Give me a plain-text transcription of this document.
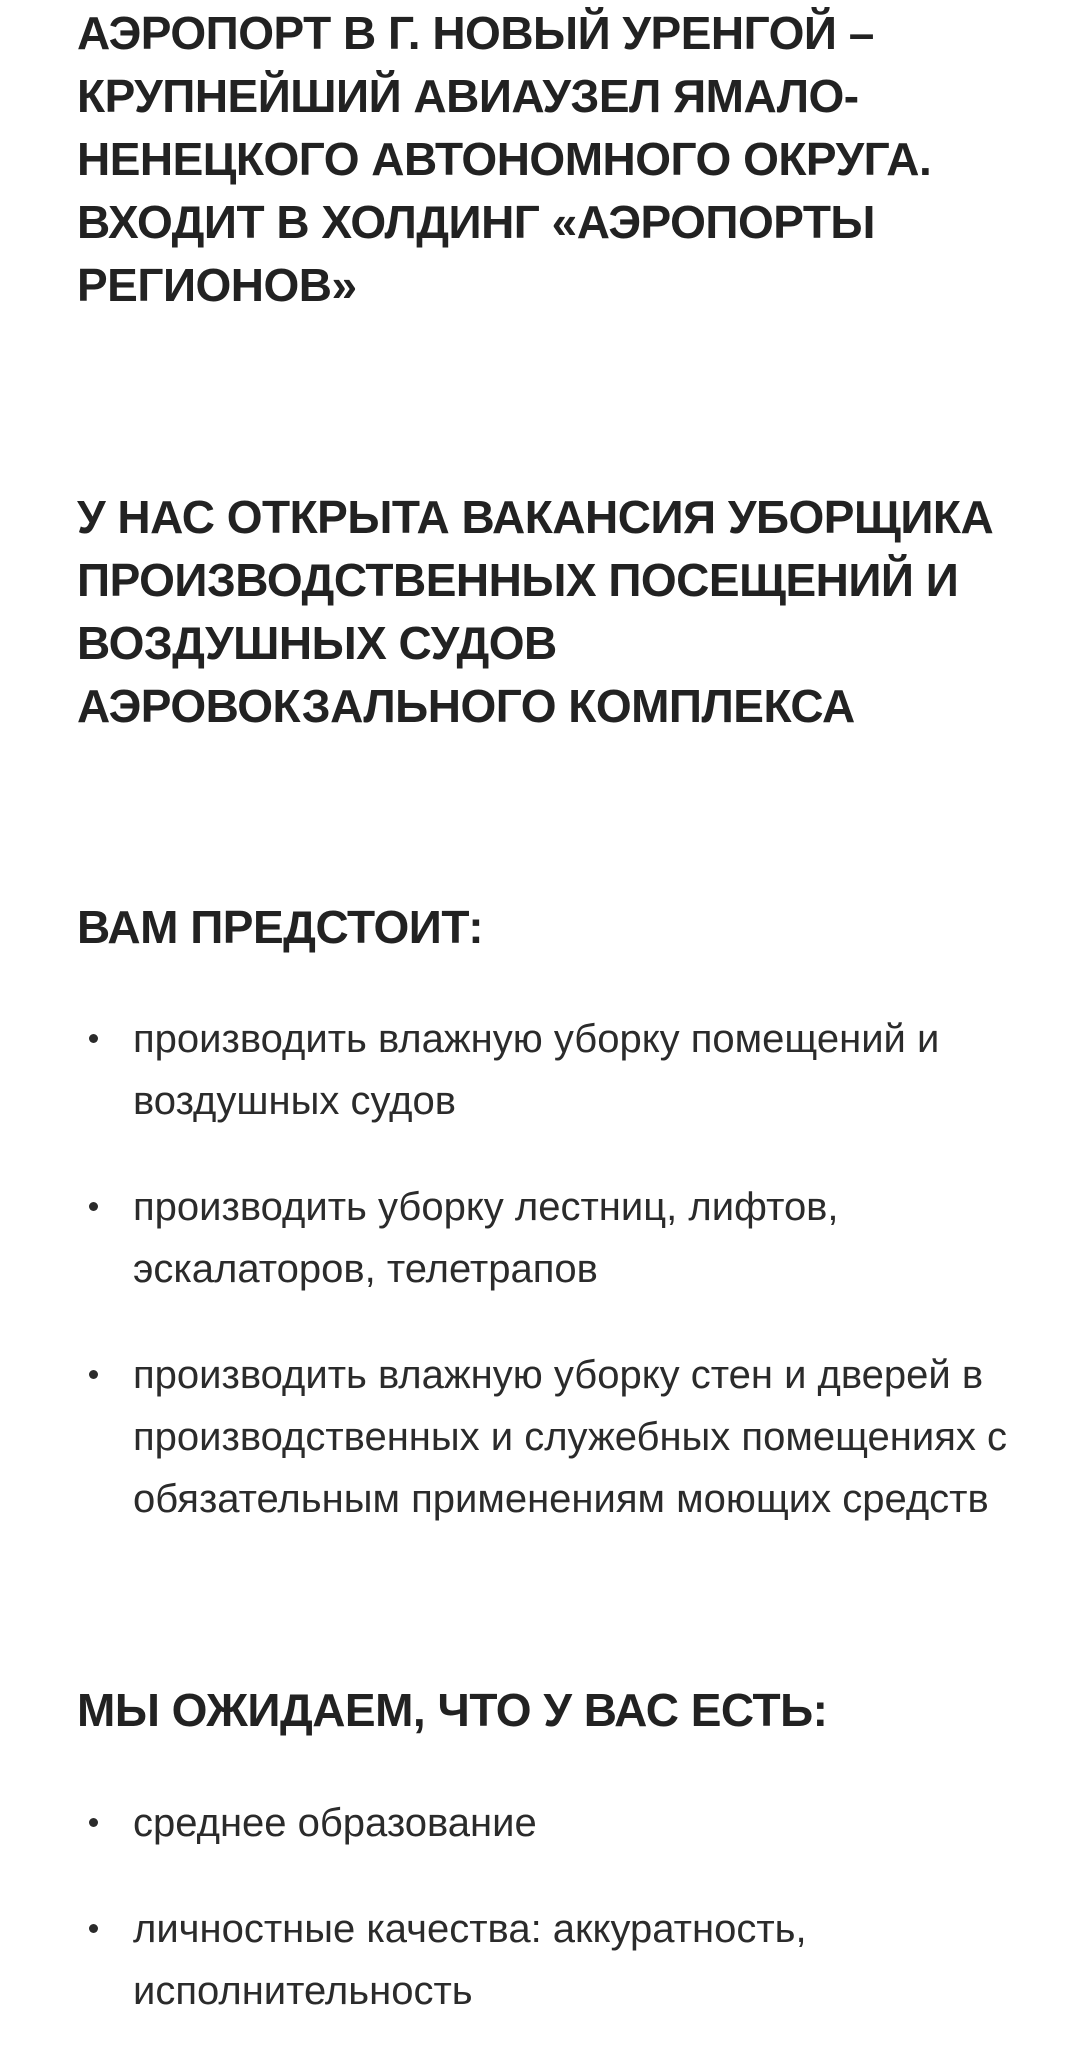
АЭРОПОРТ В Г. НОВЫЙ УРЕНГОЙ – КРУПНЕЙШИЙ АВИАУЗЕЛ ЯМАЛО-НЕНЕЦКОГО АВТОНОМНОГО ОКРУГА. ВХОДИТ В ХОЛДИНГ «АЭРОПОРТЫ РЕГИОНОВ»
У НАС ОТКРЫТА ВАКАНСИЯ УБОРЩИКА ПРОИЗВОДСТВЕННЫХ ПОСЕЩЕНИЙ И ВОЗДУШНЫХ СУДОВ АЭРОВОКЗАЛЬНОГО КОМПЛЕКСА
ВАМ ПРЕДСТОИТ:
производить влажную уборку помещений и воздушных судов
производить уборку лестниц, лифтов, эскалаторов, телетрапов
производить влажную уборку стен и дверей в производственных и служебных помещениях с обязательным применениям моющих средств
МЫ ОЖИДАЕМ, ЧТО У ВАС ЕСТЬ:
среднее образование
личностные качества: аккуратность, исполнительность
